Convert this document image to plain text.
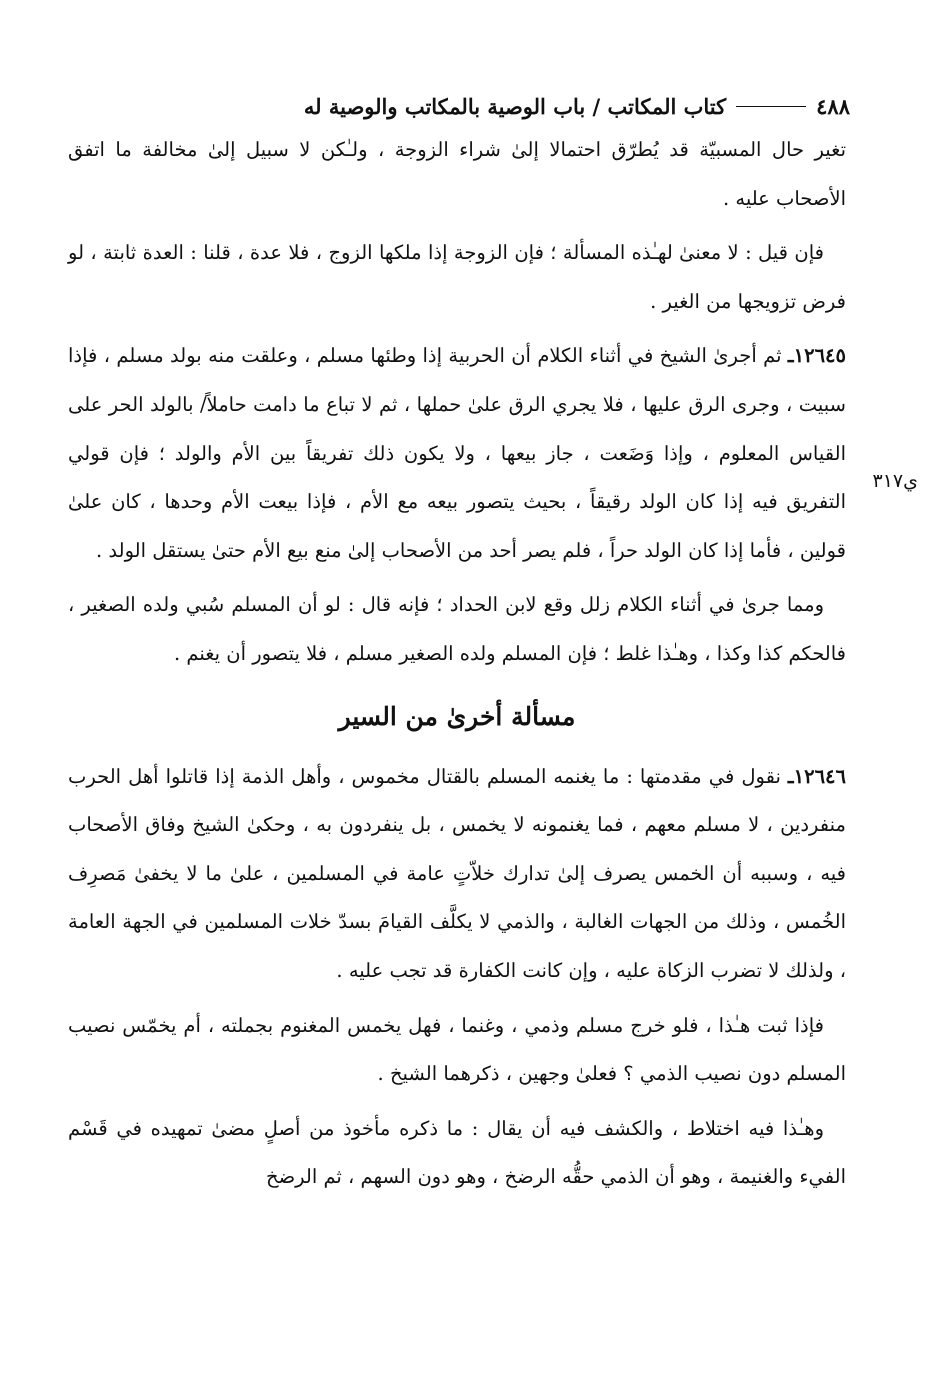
٤٨٨
كتاب المكاتب / باب الوصية بالمكاتب والوصية له
ي٣١٧

تغير حال المسبيّة قد يُطرّق احتمالا إلىٰ شراء الزوجة ، ولـٰكن لا سبيل إلىٰ مخالفة ما اتفق الأصحاب عليه .

فإن قيل : لا معنىٰ لهـٰذه المسألة ؛ فإن الزوجة إذا ملكها الزوج ، فلا عدة ، قلنا : العدة ثابتة ، لو فرض تزويجها من الغير .

١٢٦٤٥ـ ثم أجرىٰ الشيخ في أثناء الكلام أن الحربية إذا وطئها مسلم ، وعلقت منه بولد مسلم ، فإذا سبيت ، وجرى الرق عليها ، فلا يجري الرق علىٰ حملها ، ثم لا تباع ما دامت حاملاً/ بالولد الحر على القياس المعلوم ، وإذا وَضَعت ، جاز بيعها ، ولا يكون ذلك تفريقاً بين الأم والولد ؛ فإن قولي التفريق فيه إذا كان الولد رقيقاً ، بحيث يتصور بيعه مع الأم ، فإذا بيعت الأم وحدها ، كان علىٰ قولين ، فأما إذا كان الولد حراً ، فلم يصر أحد من الأصحاب إلىٰ منع بيع الأم حتىٰ يستقل الولد .

ومما جرىٰ في أثناء الكلام زلل وقع لابن الحداد ؛ فإنه قال : لو أن المسلم سُبي ولده الصغير ، فالحكم كذا وكذا ، وهـٰذا غلط ؛ فإن المسلم ولده الصغير مسلم ، فلا يتصور أن يغنم .

مسألة أخرىٰ من السير

١٢٦٤٦ـ نقول في مقدمتها : ما يغنمه المسلم بالقتال مخموس ، وأهل الذمة إذا قاتلوا أهل الحرب منفردين ، لا مسلم معهم ، فما يغنمونه لا يخمس ، بل ينفردون به ، وحكىٰ الشيخ وفاق الأصحاب فيه ، وسببه أن الخمس يصرف إلىٰ تدارك خلاّتٍ عامة في المسلمين ، علىٰ ما لا يخفىٰ مَصرِف الخُمس ، وذلك من الجهات الغالبة ، والذمي لا يكلَّف القيامَ بسدّ خلات المسلمين في الجهة العامة ، ولذلك لا تضرب الزكاة عليه ، وإن كانت الكفارة قد تجب عليه .

فإذا ثبت هـٰذا ، فلو خرج مسلم وذمي ، وغنما ، فهل يخمس المغنوم بجملته ، أم يخمّس نصيب المسلم دون نصيب الذمي ؟ فعلىٰ وجهين ، ذكرهما الشيخ .

وهـٰذا فيه اختلاط ، والكشف فيه أن يقال : ما ذكره مأخوذ من أصلٍ مضىٰ تمهيده في قَسْم الفيء والغنيمة ، وهو أن الذمي حقُّه الرضخ ، وهو دون السهم ، ثم الرضخ
